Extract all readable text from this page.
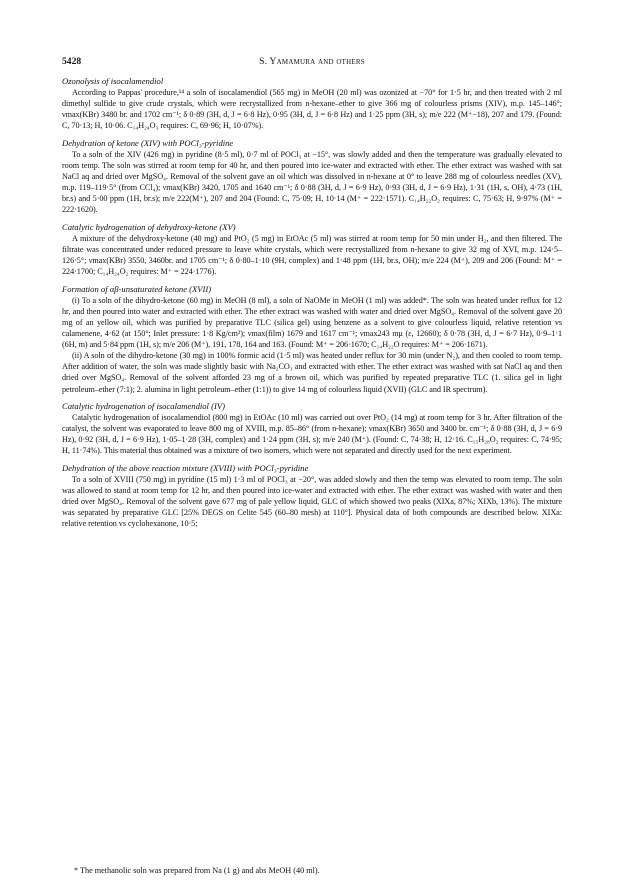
5428	S. Yamamura and others

Ozonolysis of isocalamendiol

According to Pappas' procedure,¹⁴ a soln of isocalamendiol (565 mg) in MeOH (20 ml) was ozonized at −70° for 1·5 hr, and then treated with 2 ml dimethyl sulfide to give crude crystals, which were recrystallized from n-hexane–ether to give 366 mg of colourless prisms (XIV), m.p. 145–146°; νmax(KBr) 3480 br. and 1702 cm⁻¹; δ 0·89 (3H, d, J = 6·8 Hz), 0·95 (3H, d, J = 6·8 Hz) and 1·25 ppm (3H, s); m/e 222 (M⁺−18), 207 and 179. (Found: C, 70·13; H, 10·06. C₁₄H₂₄O₃ requires: C, 69·96; H, 10·07%).

Dehydration of ketone (XIV) with POCl₃-pyridine

To a soln of the XIV (426 mg) in pyridine (8·5 ml), 0·7 ml of POCl₃ at −15°, was slowly added and then the temperature was gradually elevated to room temp. The soln was stirred at room temp for 40 hr, and then poured into ice-water and extracted with ether. The ether extract was washed with sat NaCl aq and dried over MgSO₄. Removal of the solvent gave an oil which was dissolved in n-hexane at 0° to leave 288 mg of colourless needles (XV), m.p. 119–119·5° (from CCl₄); νmax(KBr) 3420, 1705 and 1640 cm⁻¹; δ 0·88 (3H, d, J = 6·9 Hz), 0·93 (3H, d, J = 6·9 Hz), 1·31 (1H, s, OH), 4·73 (1H, br.s) and 5·00 ppm (1H, br.s); m/e 222(M⁺), 207 and 204 (Found: C, 75·09; H, 10·14 (M⁺ = 222·1571). C₁₄H₂₂O₂ requires: C, 75·63; H, 9·97% (M⁺ = 222·1620).

Catalytic hydrogenation of dehydroxy-ketone (XV)

A mixture of the dehydroxy-ketone (40 mg) and PtO₂ (5 mg) in EtOAc (5 ml) was stirred at room temp for 50 min under H₂, and then filtered. The filtrate was concentrated under reduced pressure to leave white crystals, which were recrystallized from n-hexane to give 32 mg of XVI, m.p. 124·5–126·5°; νmax(KBr) 3550, 3460br. and 1705 cm⁻¹; δ 0·80–1·10 (9H, complex) and 1·48 ppm (1H, br.s, OH); m/e 224 (M⁺), 209 and 206 (Found: M⁺ = 224·1700; C₁₄H₂₄O₂ requires: M⁺ = 224·1776).

Formation of αβ-unsaturated ketone (XVII)

(i) To a soln of the dihydro-ketone (60 mg) in MeOH (8 ml), a soln of NaOMe in MeOH (1 ml) was added*. The soln was heated under reflux for 12 hr, and then poured into water and extracted with ether. The ether extract was washed with water and dried over MgSO₄. Removal of the solvent gave 20 mg of an yellow oil, which was purified by preparative TLC (silica gel) using benzene as a solvent to give colourless liquid, relative retention vs calamenene, 4·62 (at 150°; Inlet pressure: 1·8 Kg/cm²); νmax(film) 1679 and 1617 cm⁻¹; νmax243 mμ (ε, 12660); δ 0·78 (3H, d, J = 6·7 Hz), 0·9–1·1 (6H, m) and 5·84 ppm (1H, s); m/e 206 (M⁺), 191, 178, 164 and 163. (Found: M⁺ = 206·1670; C₁₄H₂₂O requires: M⁺ = 206·1671).

(ii) A soln of the dihydro-ketone (30 mg) in 100% formic acid (1·5 ml) was heated under reflux for 30 min (under N₂), and then cooled to room temp. After addition of water, the soln was made slightly basic with Na₂CO₃ and extracted with ether. The ether extract was washed with sat NaCl aq and then dried over MgSO₄. Removal of the solvent afforded 23 mg of a brown oil, which was purified by repeated preparative TLC (1. silica gel in light petroleum–ether (7:1); 2. alumina in light petroleum–ether (1:1)) to give 14 mg of colourless liquid (XVII) (GLC and IR spectrum).

Catalytic hydrogenation of isocalamendiol (IV)

Catalytic hydrogenation of isocalamendiol (800 mg) in EtOAc (10 ml) was carried out over PtO₂ (14 mg) at room temp for 3 hr. After filtration of the catalyst, the solvent was evaporated to leave 800 mg of XVIII, m.p. 85–86° (from n-hexane); νmax(KBr) 3650 and 3400 br. cm⁻¹; δ 0·88 (3H, d, J = 6·9 Hz), 0·92 (3H, d, J = 6·9 Hz), 1·05–1·28 (3H, complex) and 1·24 ppm (3H, s); m/e 240 (M⁺). (Found: C, 74·38; H, 12·16. C₁₅H₂₈O₂ requires: C, 74·95; H, 11·74%). This material thus obtained was a mixture of two isomers, which were not separated and directly used for the next experiment.

Dehydration of the above reaction mixture (XVIII) with POCl₃-pyridine

To a soln of XVIII (750 mg) in pyridine (15 ml) 1·3 ml of POCl₃ at −20°, was added slowly and then the temp was elevated to room temp. The soln was allowed to stand at room temp for 12 hr, and then poured into ice-water and extracted with ether. The ether extract was washed with water and then dried over MgSO₄. Removal of the solvent gave 677 mg of pale yellow liquid, GLC of which showed two peaks (XIXa, 87%; XIXb, 13%). The mixture was separated by preparative GLC [25% DEGS on Celite 545 (60–80 mesh) at 110°]. Physical data of both compounds are described below. XIXa: relative retention vs cyclohexanone, 10·5;

* The methanolic soln was prepared from Na (1 g) and abs MeOH (40 ml).
